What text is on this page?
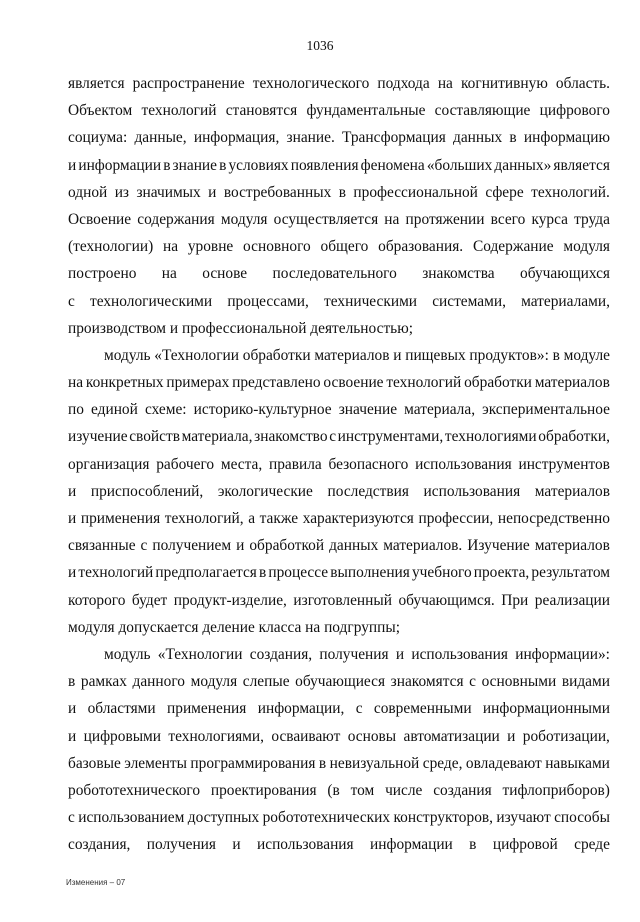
1036
является распространение технологического подхода на когнитивную область.
Объектом технологий становятся фундаментальные составляющие цифрового
социума: данные, информация, знание. Трансформация данных в информацию
и информации в знание в условиях появления феномена «больших данных» является
одной из значимых и востребованных в профессиональной сфере технологий.
Освоение содержания модуля осуществляется на протяжении всего курса труда
(технологии) на уровне основного общего образования. Содержание модуля
построено на основе последовательного знакомства обучающихся
с технологическими процессами, техническими системами, материалами,
производством и профессиональной деятельностью;
модуль «Технологии обработки материалов и пищевых продуктов»: в модуле
на конкретных примерах представлено освоение технологий обработки материалов
по единой схеме: историко-культурное значение материала, экспериментальное
изучение свойств материала, знакомство с инструментами, технологиями обработки,
организация рабочего места, правила безопасного использования инструментов
и приспособлений, экологические последствия использования материалов
и применения технологий, а также характеризуются профессии, непосредственно
связанные с получением и обработкой данных материалов. Изучение материалов
и технологий предполагается в процессе выполнения учебного проекта, результатом
которого будет продукт-изделие, изготовленный обучающимся. При реализации
модуля допускается деление класса на подгруппы;
модуль «Технологии создания, получения и использования информации»:
в рамках данного модуля слепые обучающиеся знакомятся с основными видами
и областями применения информации, с современными информационными
и цифровыми технологиями, осваивают основы автоматизации и роботизации,
базовые элементы программирования в невизуальной среде, овладевают навыками
робототехнического проектирования (в том числе создания тифлоприборов)
с использованием доступных робототехнических конструкторов, изучают способы
создания, получения и использования информации в цифровой среде
Изменения – 07
